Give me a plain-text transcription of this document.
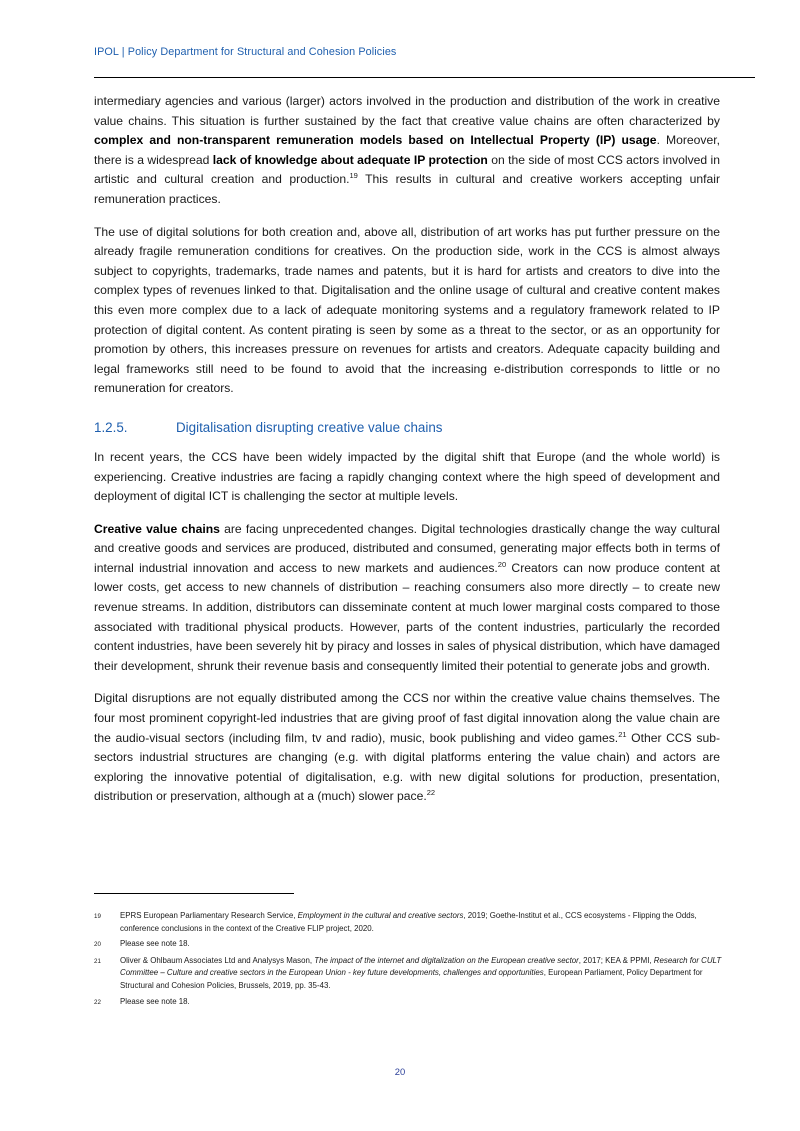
IPOL | Policy Department for Structural and Cohesion Policies

intermediary agencies and various (larger) actors involved in the production and distribution of the work in creative value chains. This situation is further sustained by the fact that creative value chains are often characterized by complex and non-transparent remuneration models based on Intellectual Property (IP) usage. Moreover, there is a widespread lack of knowledge about adequate IP protection on the side of most CCS actors involved in artistic and cultural creation and production.$^{19}$ This results in cultural and creative workers accepting unfair remuneration practices.

The use of digital solutions for both creation and, above all, distribution of art works has put further pressure on the already fragile remuneration conditions for creatives. On the production side, work in the CCS is almost always subject to copyrights, trademarks, trade names and patents, but it is hard for artists and creators to dive into the complex types of revenues linked to that. Digitalisation and the online usage of cultural and creative content makes this even more complex due to a lack of adequate monitoring systems and a regulatory framework related to IP protection of digital content. As content pirating is seen by some as a threat to the sector, or as an opportunity for promotion by others, this increases pressure on revenues for artists and creators. Adequate capacity building and legal frameworks still need to be found to avoid that the increasing e-distribution corresponds to little or no remuneration for creators.

1.2.5.	Digitalisation disrupting creative value chains

In recent years, the CCS have been widely impacted by the digital shift that Europe (and the whole world) is experiencing. Creative industries are facing a rapidly changing context where the high speed of development and deployment of digital ICT is challenging the sector at multiple levels.

Creative value chains are facing unprecedented changes. Digital technologies drastically change the way cultural and creative goods and services are produced, distributed and consumed, generating major effects both in terms of internal industrial innovation and access to new markets and audiences.$^{20}$ Creators can now produce content at lower costs, get access to new channels of distribution – reaching consumers also more directly – to create new revenue streams. In addition, distributors can disseminate content at much lower marginal costs compared to those associated with traditional physical products. However, parts of the content industries, particularly the recorded content industries, have been severely hit by piracy and losses in sales of physical distribution, which have damaged their development, shrunk their revenue basis and consequently limited their potential to generate jobs and growth.

Digital disruptions are not equally distributed among the CCS nor within the creative value chains themselves. The four most prominent copyright-led industries that are giving proof of fast digital innovation along the value chain are the audio-visual sectors (including film, tv and radio), music, book publishing and video games.$^{21}$ Other CCS sub-sectors industrial structures are changing (e.g. with digital platforms entering the value chain) and actors are exploring the innovative potential of digitalisation, e.g. with new digital solutions for production, presentation, distribution or preservation, although at a (much) slower pace.$^{22}$

19	EPRS European Parliamentary Research Service, Employment in the cultural and creative sectors, 2019; Goethe-Institut et al., CCS ecosystems - Flipping the Odds, conference conclusions in the context of the Creative FLIP project, 2020.
20	Please see note 18.
21	Oliver & Ohlbaum Associates Ltd and Analysys Mason, The impact of the internet and digitalization on the European creative sector, 2017; KEA & PPMI, Research for CULT Committee – Culture and creative sectors in the European Union - key future developments, challenges and opportunities, European Parliament, Policy Department for Structural and Cohesion Policies, Brussels, 2019, pp. 35-43.
22	Please see note 18.
20
